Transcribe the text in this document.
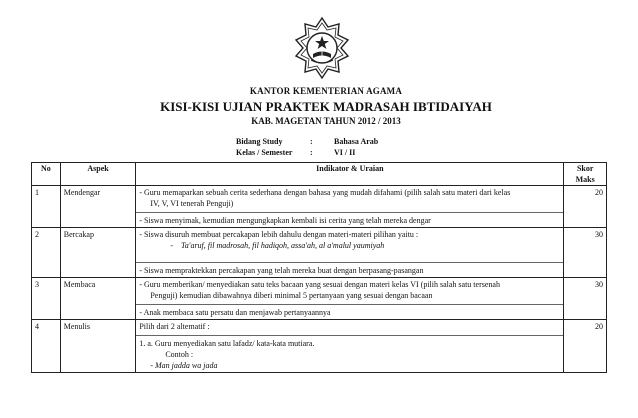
KANTOR KEMENTERIAN AGAMA
KISI-KISI UJIAN PRAKTEK MADRASAH IBTIDAIYAH
KAB. MAGETAN TAHUN 2012 / 2013
Bidang Study	:	Bahasa Arab
Kelas / Semester :	VI / II
No	Aspek	Indikator & Uraian	Skor Maks
1	Mendengar	- Guru memaparkan sebuah cerita sederhana dengan bahasa yang mudah difahami (pilih salah satu materi dari kelas
IV, V, VI tenerah Penguji)
- Siswa menyimak, kemudian mengungkapkan kembali isi cerita yang telah mereka dengar	20
2	Bercakap	- Siswa disuruh membuat percakapan lebih dahulu dengan materi-materi pilihan yaitu :
- Ta'aruf, fil madrosah, fil hadiqoh, assa'ah, al a'malul yaumiyah
- Siswa mempraktekkan percakapan yang telah mereka buat dengan berpasang-pasangan	30
3	Membaca	- Guru memberikan/ menyediakan satu teks bacaan yang sesuai dengan materi kelas VI (pilih salah satu tersenah
Penguji) kemudian dibawahnya diberi minimal 5 pertanyaan yang sesuai dengan bacaan
- Anak membaca satu persatu dan menjawab pertanyaannya	30
4	Menulis	Pilih dari 2 altematif :
1. a. Guru menyediakan satu lafadz/ kata-kata mutiara.
Contoh :
- Man jadda wa jada	20
